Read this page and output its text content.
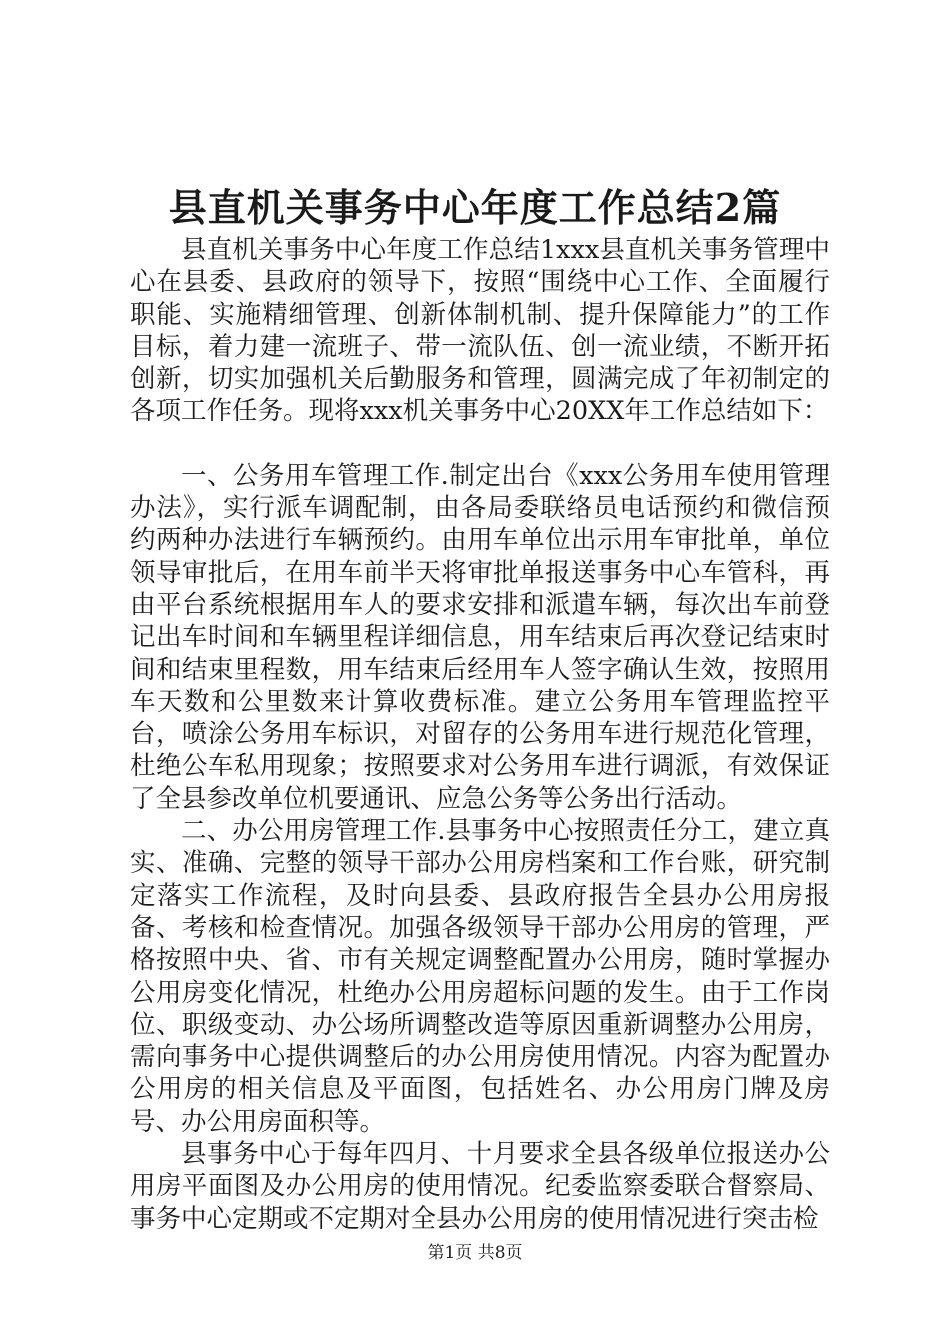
县直机关事务中心年度工作总结2篇

县直机关事务中心年度工作总结1xxx县直机关事务管理中心在县委、县政府的领导下，按照“围绕中心工作、全面履行职能、实施精细管理、创新体制机制、提升保障能力”的工作目标，着力建一流班子、带一流队伍、创一流业绩，不断开拓创新，切实加强机关后勤服务和管理，圆满完成了年初制定的各项工作任务。现将xxx机关事务中心20XX年工作总结如下：

一、公务用车管理工作.制定出台《xxx公务用车使用管理办法》，实行派车调配制，由各局委联络员电话预约和微信预约两种办法进行车辆预约。由用车单位出示用车审批单，单位领导审批后，在用车前半天将审批单报送事务中心车管科，再由平台系统根据用车人的要求安排和派遣车辆，每次出车前登记出车时间和车辆里程详细信息，用车结束后再次登记结束时间和结束里程数，用车结束后经用车人签字确认生效，按照用车天数和公里数来计算收费标准。建立公务用车管理监控平台，喷涂公务用车标识，对留存的公务用车进行规范化管理，杜绝公车私用现象；按照要求对公务用车进行调派，有效保证了全县参改单位机要通讯、应急公务等公务出行活动。

二、办公用房管理工作.县事务中心按照责任分工，建立真实、准确、完整的领导干部办公用房档案和工作台账，研究制定落实工作流程，及时向县委、县政府报告全县办公用房报备、考核和检查情况。加强各级领导干部办公用房的管理，严格按照中央、省、市有关规定调整配置办公用房，随时掌握办公用房变化情况，杜绝办公用房超标问题的发生。由于工作岗位、职级变动、办公场所调整改造等原因重新调整办公用房，需向事务中心提供调整后的办公用房使用情况。内容为配置办公用房的相关信息及平面图，包括姓名、办公用房门牌及房号、办公用房面积等。

县事务中心于每年四月、十月要求全县各级单位报送办公用房平面图及办公用房的使用情况。纪委监察委联合督察局、事务中心定期或不定期对全县办公用房的使用情况进行突击检

第1页 共8页
